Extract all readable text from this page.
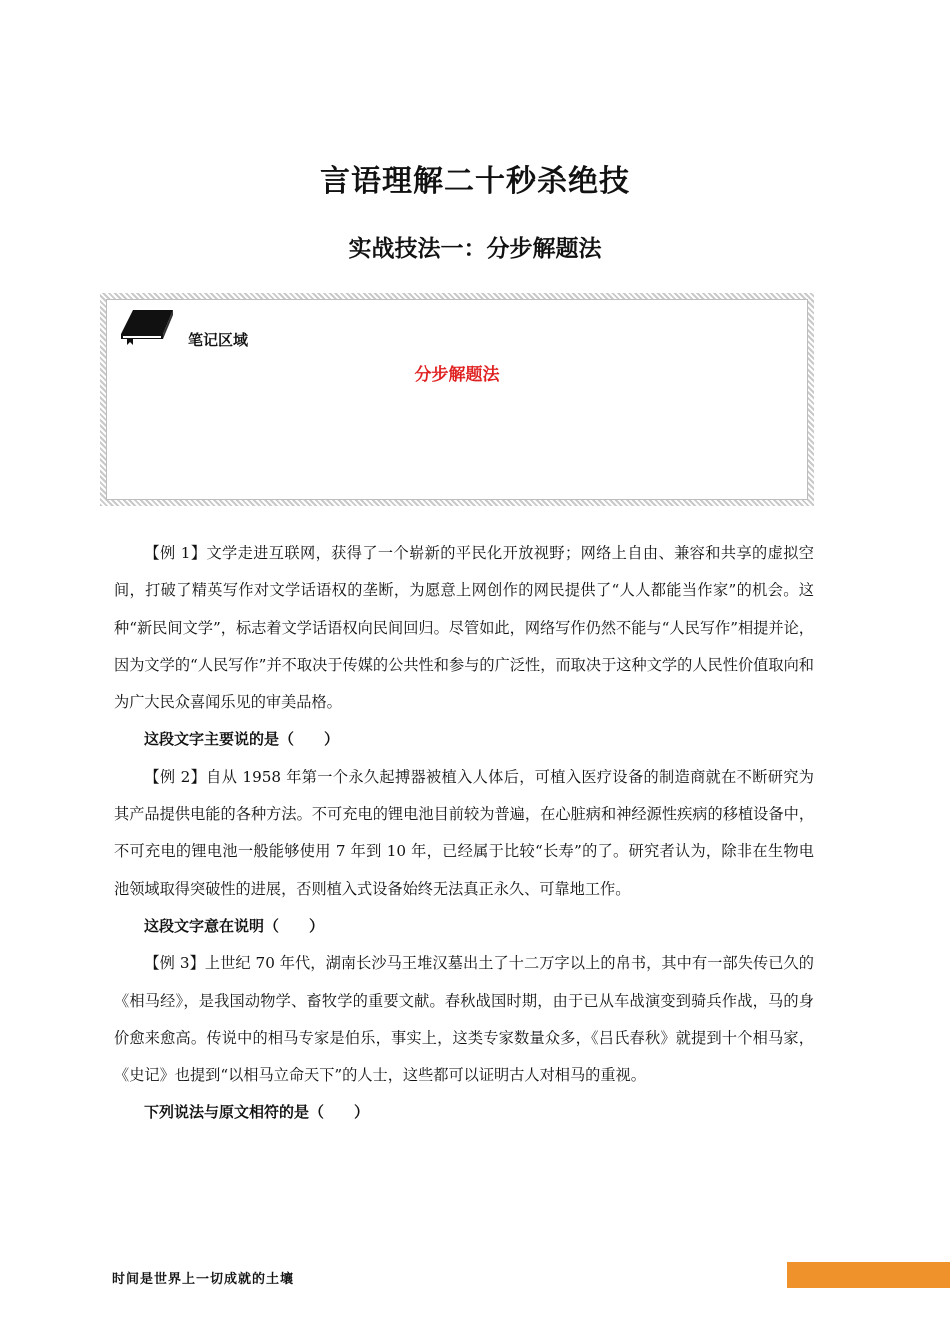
言语理解二十秒杀绝技
实战技法一：分步解题法
笔记区域
分步解题法

【例 1】文学走进互联网，获得了一个崭新的平民化开放视野；网络上自由、兼容和共享的虚拟空间，打破了精英写作对文学话语权的垄断，为愿意上网创作的网民提供了“人人都能当作家”的机会。这种“新民间文学”，标志着文学话语权向民间回归。尽管如此，网络写作仍然不能与“人民写作”相提并论，因为文学的“人民写作”并不取决于传媒的公共性和参与的广泛性，而取决于这种文学的人民性价值取向和为广大民众喜闻乐见的审美品格。

这段文字主要说的是（　　）

【例 2】自从 1958 年第一个永久起搏器被植入人体后，可植入医疗设备的制造商就在不断研究为其产品提供电能的各种方法。不可充电的锂电池目前较为普遍，在心脏病和神经源性疾病的移植设备中，不可充电的锂电池一般能够使用 7 年到 10 年，已经属于比较“长寿”的了。研究者认为，除非在生物电池领域取得突破性的进展，否则植入式设备始终无法真正永久、可靠地工作。

这段文字意在说明（　　）

【例 3】上世纪 70 年代，湖南长沙马王堆汉墓出土了十二万字以上的帛书，其中有一部失传已久的《相马经》，是我国动物学、畜牧学的重要文献。春秋战国时期，由于已从车战演变到骑兵作战，马的身价愈来愈高。传说中的相马专家是伯乐，事实上，这类专家数量众多，《吕氏春秋》就提到十个相马家，《史记》也提到“以相马立命天下”的人士，这些都可以证明古人对相马的重视。

下列说法与原文相符的是（　　）

时间是世界上一切成就的土壤
